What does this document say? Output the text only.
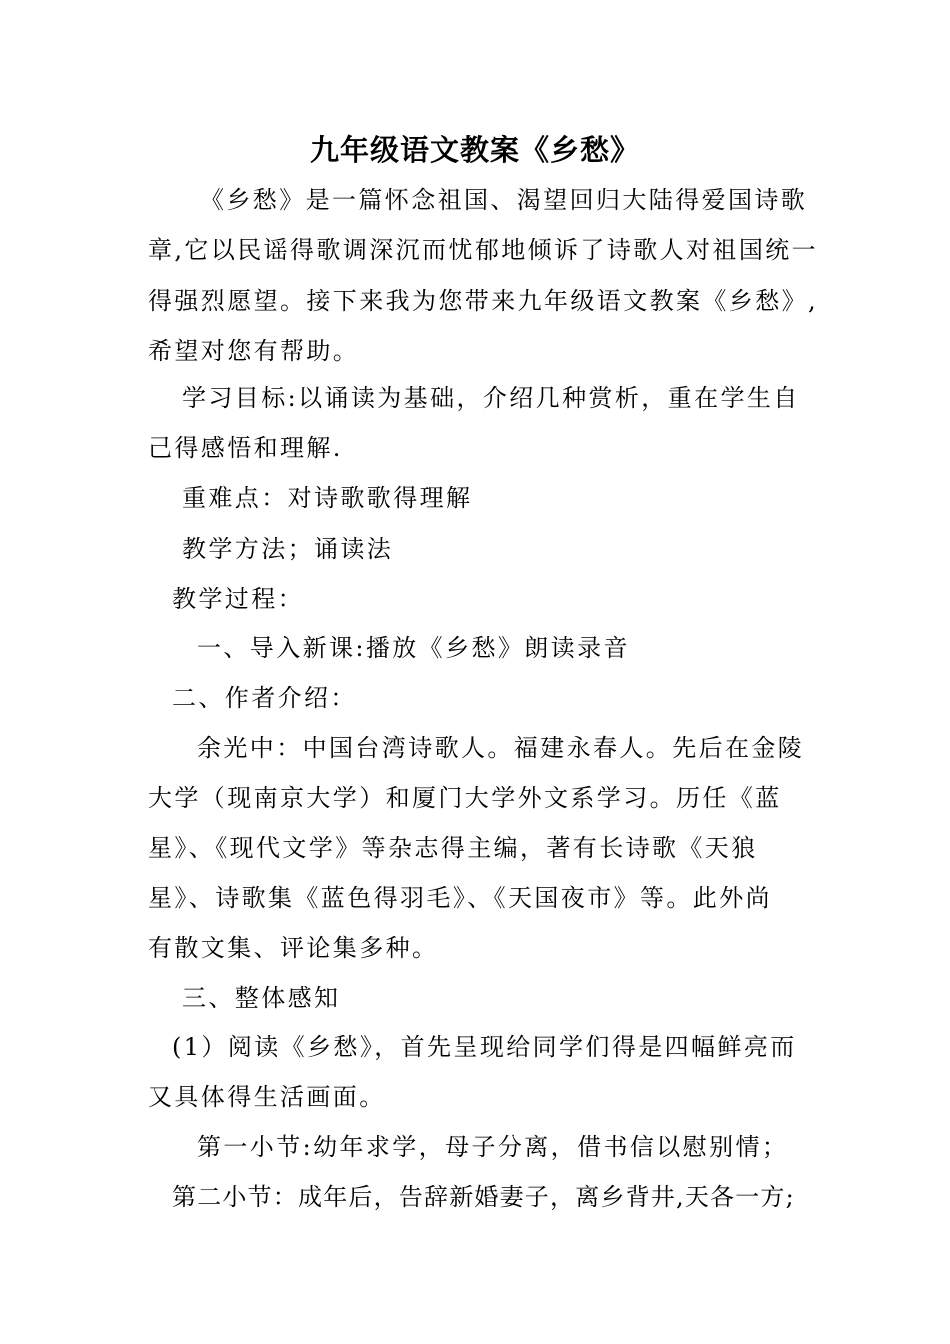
九年级语文教案《乡愁》

《乡愁》是一篇怀念祖国、渴望回归大陆得爱国诗歌

章,它以民谣得歌调深沉而忧郁地倾诉了诗歌人对祖国统一

得强烈愿望。接下来我为您带来九年级语文教案《乡愁》,

希望对您有帮助。

学习目标:以诵读为基础，介绍几种赏析，重在学生自

己得感悟和理解.

重难点：对诗歌歌得理解

教学方法；诵读法

教学过程：

一、导入新课:播放《乡愁》朗读录音

二、作者介绍：

余光中：中国台湾诗歌人。福建永春人。先后在金陵

大学（现南京大学）和厦门大学外文系学习。历任《蓝

星》、《现代文学》等杂志得主编，著有长诗歌《天狼

星》、诗歌集《蓝色得羽毛》、《天国夜市》等。此外尚

有散文集、评论集多种。

三、整体感知

(1）阅读《乡愁》，首先呈现给同学们得是四幅鲜亮而

又具体得生活画面。

第一小节:幼年求学，母子分离，借书信以慰别情；

第二小节：成年后，告辞新婚妻子，离乡背井,天各一方;
